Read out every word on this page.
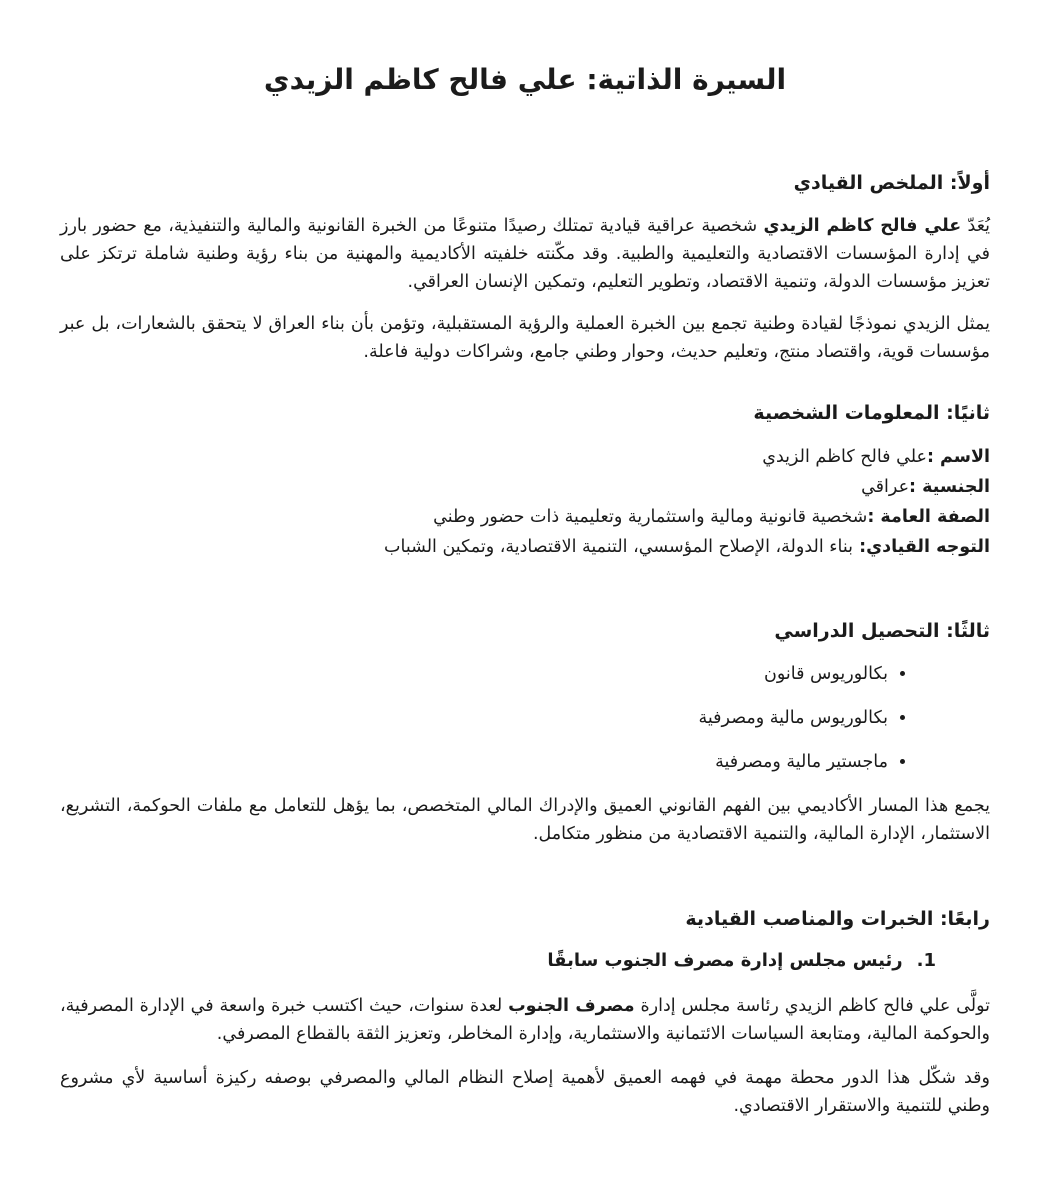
السيرة الذاتية: علي فالح كاظم الزيدي
أولاً: الملخص القيادي

يُعَدّ علي فالح كاظم الزيدي شخصية عراقية قيادية تمتلك رصيدًا متنوعًا من الخبرة القانونية والمالية والتنفيذية، مع حضور بارز في إدارة المؤسسات الاقتصادية والتعليمية والطبية. وقد مكّنته خلفيته الأكاديمية والمهنية من بناء رؤية وطنية شاملة ترتكز على تعزيز مؤسسات الدولة، وتنمية الاقتصاد، وتطوير التعليم، وتمكين الإنسان العراقي.

يمثل الزيدي نموذجًا لقيادة وطنية تجمع بين الخبرة العملية والرؤية المستقبلية، وتؤمن بأن بناء العراق لا يتحقق بالشعارات، بل عبر مؤسسات قوية، واقتصاد منتج، وتعليم حديث، وحوار وطني جامع، وشراكات دولية فاعلة.

ثانيًا: المعلومات الشخصية
الاسم :علي فالح كاظم الزيدي
الجنسية :عراقي
الصفة العامة :شخصية قانونية ومالية واستثمارية وتعليمية ذات حضور وطني
التوجه القيادي: بناء الدولة، الإصلاح المؤسسي، التنمية الاقتصادية، وتمكين الشباب
ثالثًا: التحصيل الدراسي
• بكالوريوس قانون
• بكالوريوس مالية ومصرفية
• ماجستير مالية ومصرفية

يجمع هذا المسار الأكاديمي بين الفهم القانوني العميق والإدراك المالي المتخصص، بما يؤهل للتعامل مع ملفات الحوكمة، التشريع، الاستثمار، الإدارة المالية، والتنمية الاقتصادية من منظور متكامل.

رابعًا: الخبرات والمناصب القيادية
1.
رئيس مجلس إدارة مصرف الجنوب سابقًا

تولَّى علي فالح كاظم الزيدي رئاسة مجلس إدارة مصرف الجنوب لعدة سنوات، حيث اكتسب خبرة واسعة في الإدارة المصرفية، والحوكمة المالية، ومتابعة السياسات الائتمانية والاستثمارية، وإدارة المخاطر، وتعزيز الثقة بالقطاع المصرفي.

وقد شكّل هذا الدور محطة مهمة في فهمه العميق لأهمية إصلاح النظام المالي والمصرفي بوصفه ركيزة أساسية لأي مشروع وطني للتنمية والاستقرار الاقتصادي.
